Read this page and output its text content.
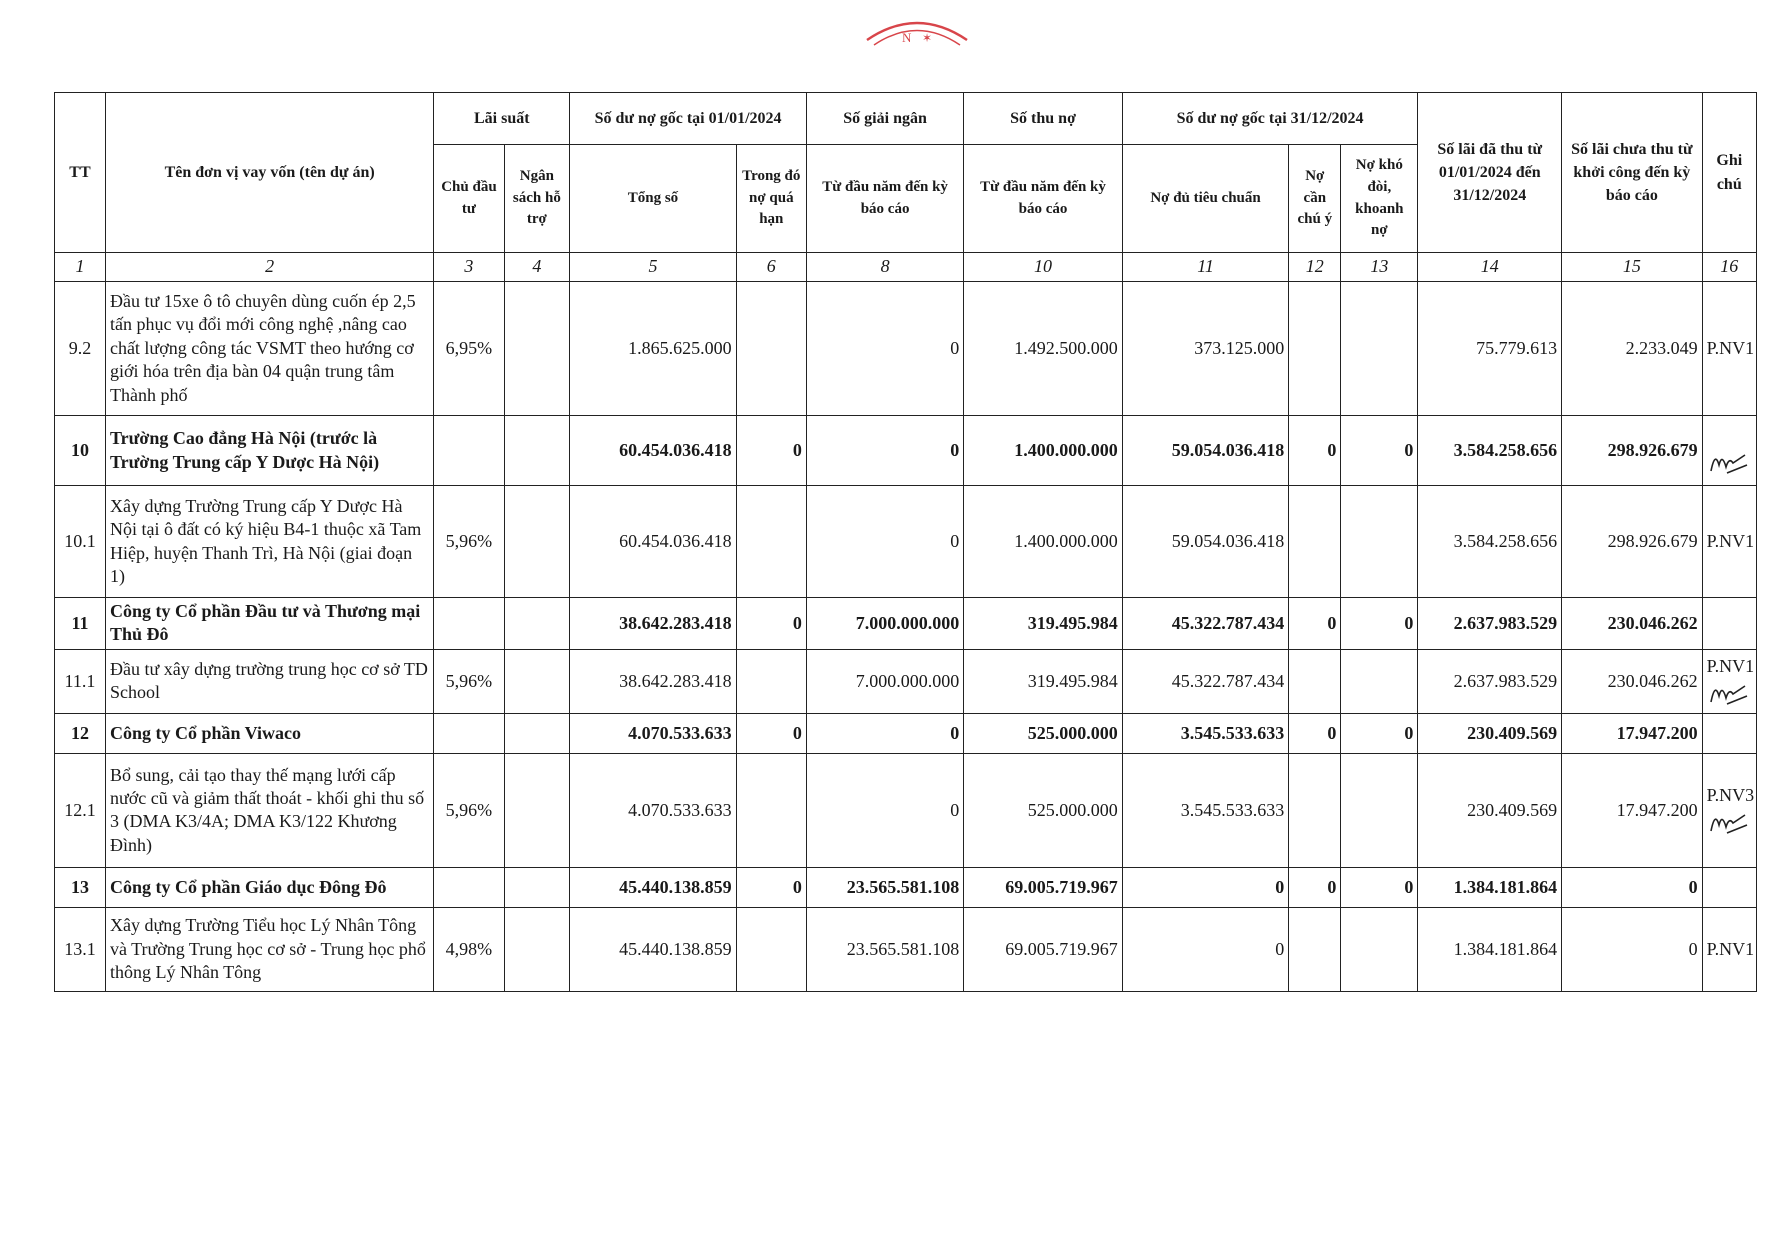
N ✶
TT	Tên đơn vị vay vốn (tên dự án)	Lãi suất		Số dư nợ gốc tại 01/01/2024		Số giải ngân	Số thu nợ	Số dư nợ gốc tại 31/12/2024			Số lãi đã thu từ 01/01/2024 đến 31/12/2024	Số lãi chưa thu từ khởi công đến kỳ báo cáo	Ghi chú
		Chủ đầu tư	Ngân sách hỗ trợ	Tổng số	Trong đó nợ quá hạn	Từ đầu năm đến kỳ báo cáo	Từ đầu năm đến kỳ báo cáo	Nợ đủ tiêu chuẩn	Nợ cần chú ý	Nợ khó đòi, khoanh nợ			
1	2	3	4	5	6	8	10	11	12	13	14	15	16
9.2	Đầu tư 15xe ô tô chuyên dùng cuốn ép 2,5 tấn phục vụ đổi mới công nghệ ,nâng cao chất lượng công tác VSMT theo hướng cơ giới hóa trên địa bàn 04 quận trung tâm Thành phố	6,95%		1.865.625.000		0	1.492.500.000	373.125.000			75.779.613	2.233.049	P.NV1
10	Trường Cao đẳng Hà Nội (trước là Trường Trung cấp Y Dược Hà Nội)			60.454.036.418	0	0	1.400.000.000	59.054.036.418	0	0	3.584.258.656	298.926.679	

10.1	Xây dựng Trường Trung cấp Y Dược Hà Nội tại ô đất có ký hiệu B4-1 thuộc xã Tam Hiệp, huyện Thanh Trì, Hà Nội (giai đoạn 1)	5,96%		60.454.036.418		0	1.400.000.000	59.054.036.418			3.584.258.656	298.926.679	P.NV1
11	Công ty Cổ phần Đầu tư và Thương mại Thủ Đô			38.642.283.418	0	7.000.000.000	319.495.984	45.322.787.434	0	0	2.637.983.529	230.046.262	
11.1	Đầu tư xây dựng trường trung học cơ sở TD School	5,96%		38.642.283.418		7.000.000.000	319.495.984	45.322.787.434			2.637.983.529	230.046.262	P.NV1

12	Công ty Cổ phần Viwaco			4.070.533.633	0	0	525.000.000	3.545.533.633	0	0	230.409.569	17.947.200	
12.1	Bổ sung, cải tạo thay thế mạng lưới cấp nước cũ và giảm thất thoát - khối ghi thu số 3 (DMA K3/4A; DMA K3/122 Khương Đình)	5,96%		4.070.533.633		0	525.000.000	3.545.533.633			230.409.569	17.947.200	P.NV3

13	Công ty Cổ phần Giáo dục Đông Đô			45.440.138.859	0	23.565.581.108	69.005.719.967	0	0	0	1.384.181.864	0	
13.1	Xây dựng Trường Tiểu học Lý Nhân Tông và Trường Trung học cơ sở - Trung học phổ thông Lý Nhân Tông	4,98%		45.440.138.859		23.565.581.108	69.005.719.967	0			1.384.181.864	0	P.NV1
